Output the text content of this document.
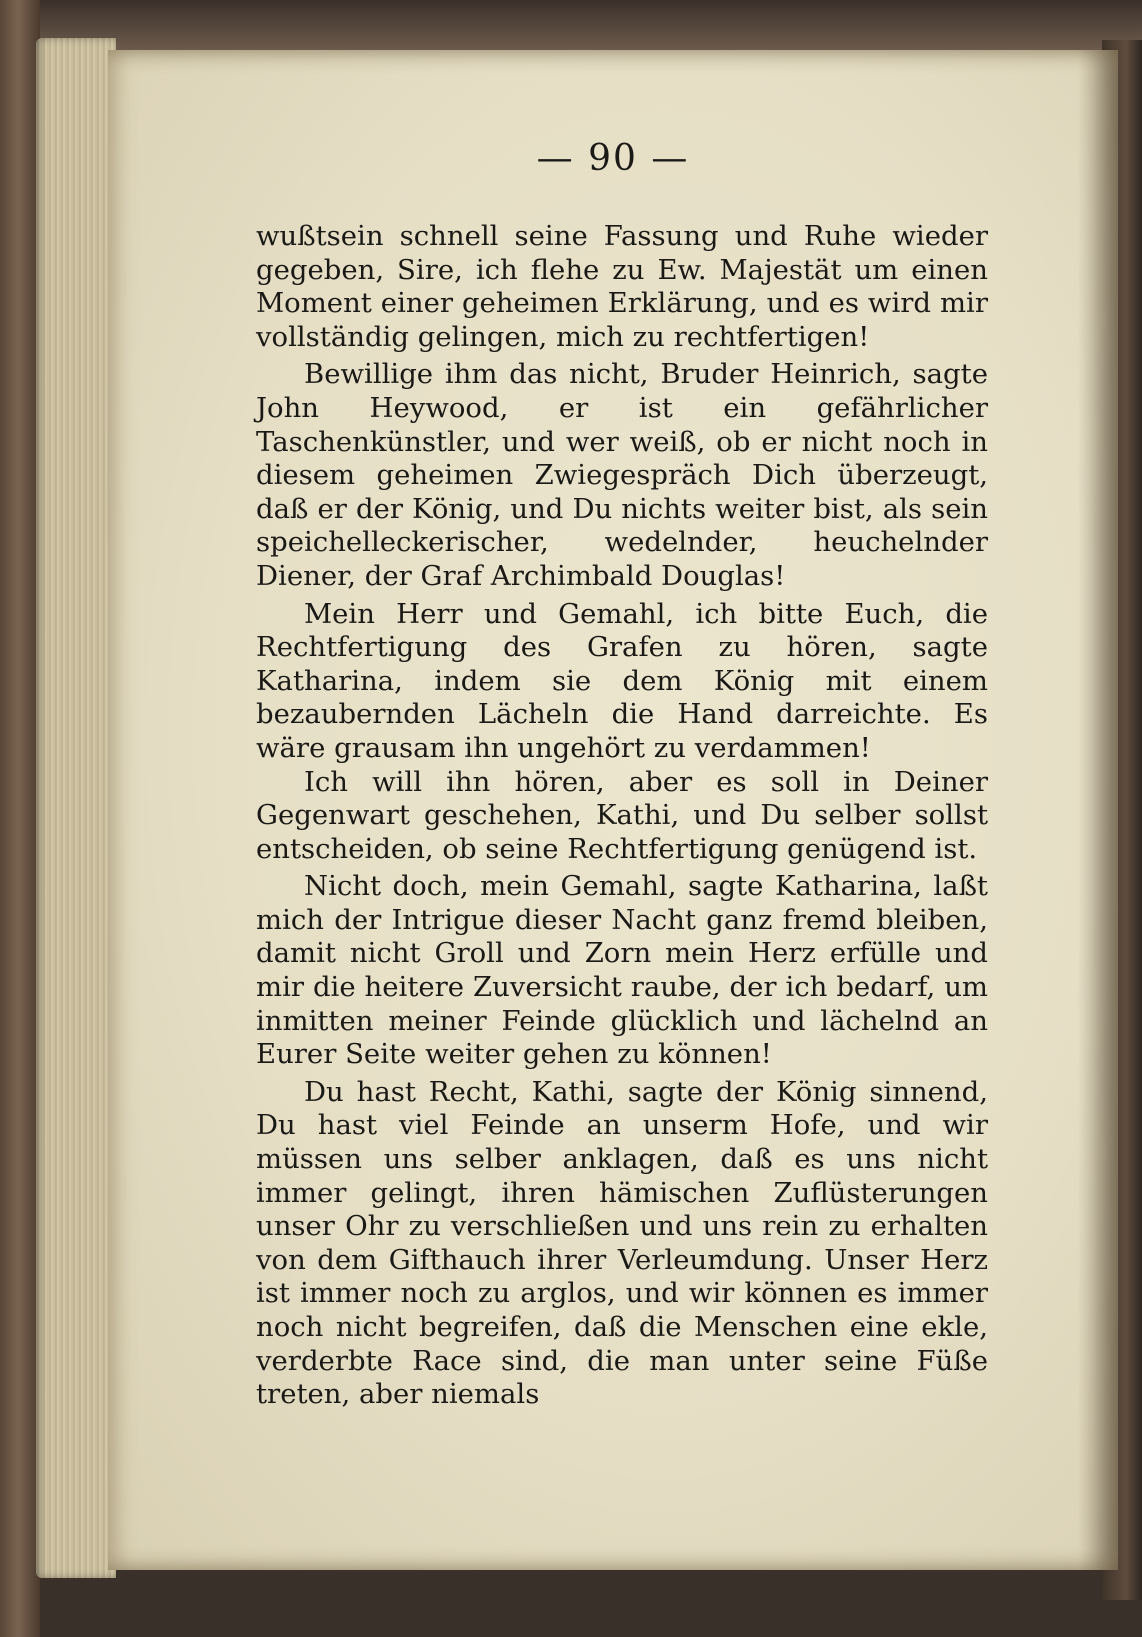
— 90 —

wußtsein schnell seine Fassung und Ruhe wieder gegeben, Sire, ich flehe zu Ew. Majestät um einen Moment einer geheimen Erklärung, und es wird mir vollständig gelingen, mich zu rechtfertigen!

Bewillige ihm das nicht, Bruder Heinrich, sagte John Heywood, er ist ein gefährlicher Taschenkünstler, und wer weiß, ob er nicht noch in diesem geheimen Zwiegespräch Dich überzeugt, daß er der König, und Du nichts weiter bist, als sein speichelleckerischer, wedelnder, heuchelnder Diener, der Graf Archimbald Douglas!

Mein Herr und Gemahl, ich bitte Euch, die Rechtfertigung des Grafen zu hören, sagte Katharina, indem sie dem König mit einem bezaubernden Lächeln die Hand darreichte. Es wäre grausam ihn ungehört zu verdammen!

Ich will ihn hören, aber es soll in Deiner Gegenwart geschehen, Kathi, und Du selber sollst entscheiden, ob seine Rechtfertigung genügend ist.

Nicht doch, mein Gemahl, sagte Katharina, laßt mich der Intrigue dieser Nacht ganz fremd bleiben, damit nicht Groll und Zorn mein Herz erfülle und mir die heitere Zuversicht raube, der ich bedarf, um inmitten meiner Feinde glücklich und lächelnd an Eurer Seite weiter gehen zu können!

Du hast Recht, Kathi, sagte der König sinnend, Du hast viel Feinde an unserm Hofe, und wir müssen uns selber anklagen, daß es uns nicht immer gelingt, ihren hämischen Zuflüsterungen unser Ohr zu verschließen und uns rein zu erhalten von dem Gifthauch ihrer Verleumdung. Unser Herz ist immer noch zu arglos, und wir können es immer noch nicht begreifen, daß die Menschen eine ekle, verderbte Race sind, die man unter seine Füße treten, aber niemals
